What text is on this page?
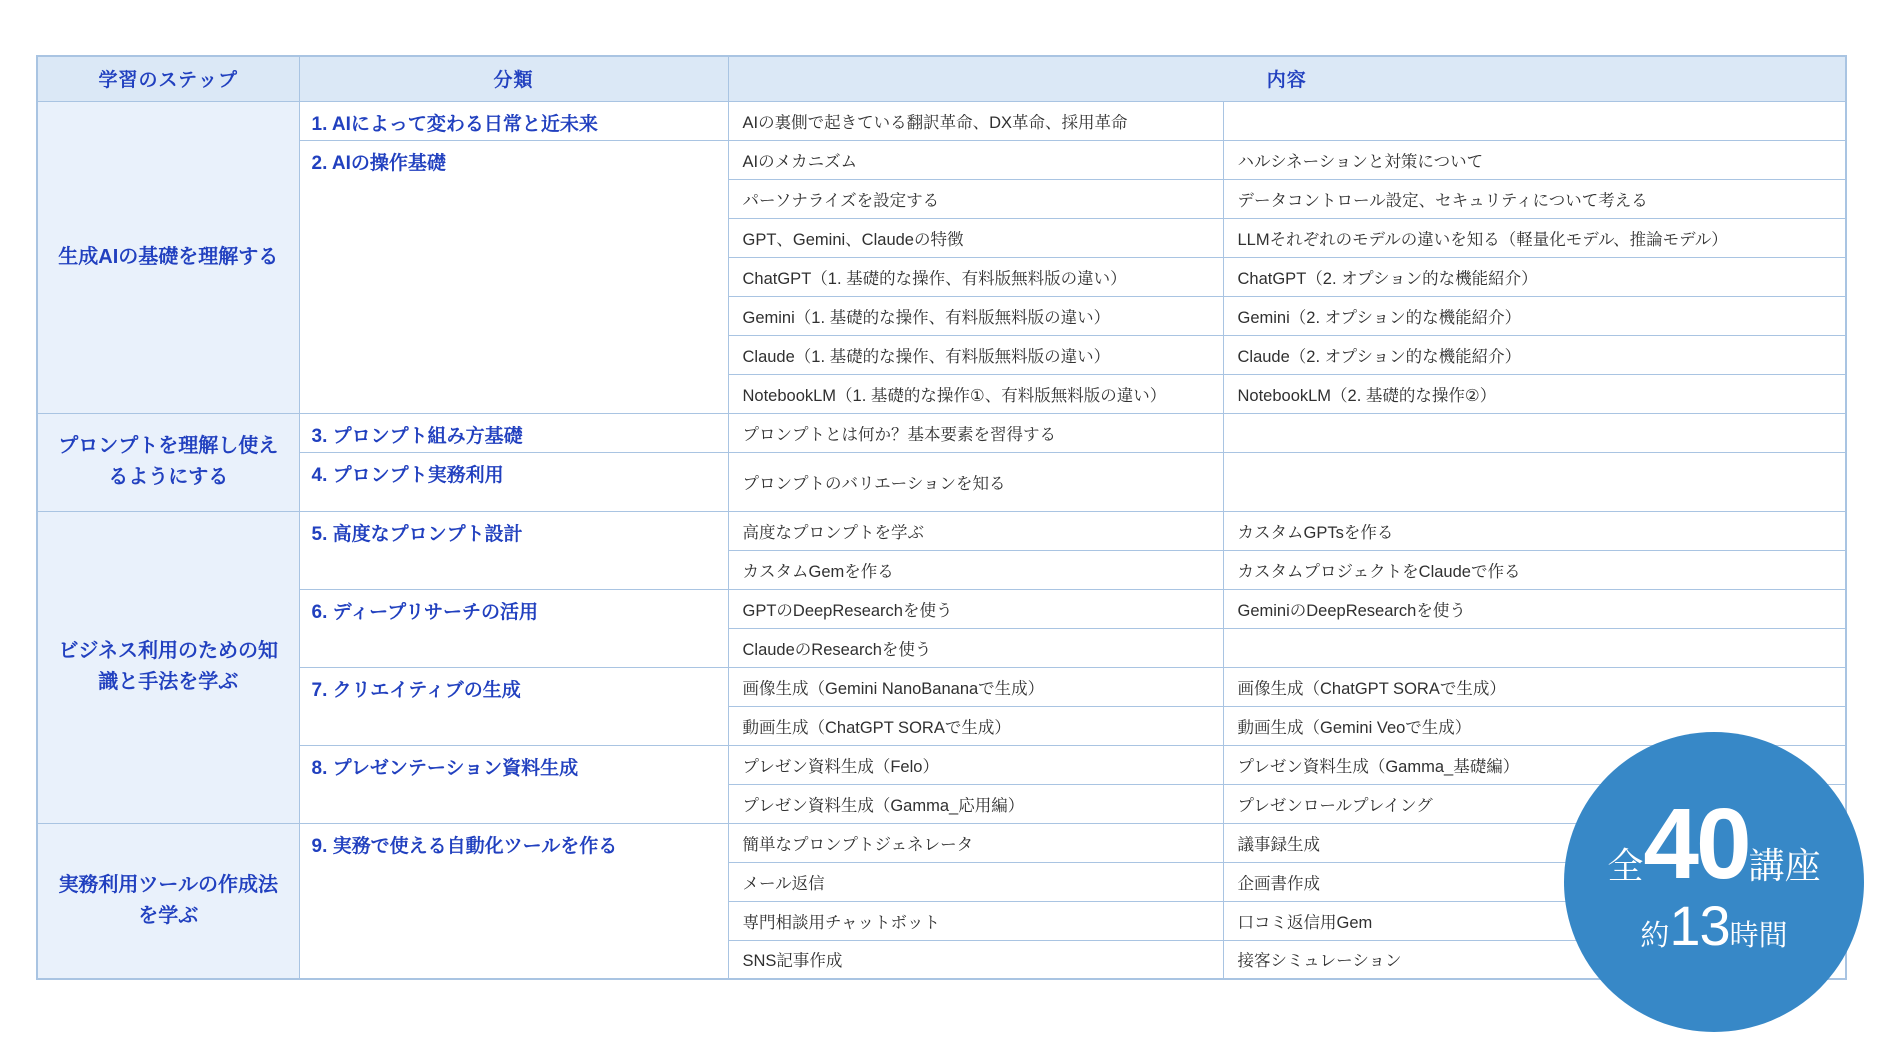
学習のステップ	分類	内容	
生成AIの基礎を理解する	1. AIによって変わる日常と近未来	AIの裏側で起きている翻訳革命、DX革命、採用革命	
	2. AIの操作基礎	AIのメカニズム	ハルシネーションと対策について
		パーソナライズを設定する	データコントロール設定、セキュリティについて考える
		GPT、Gemini、Claudeの特徴	LLMそれぞれのモデルの違いを知る（軽量化モデル、推論モデル）
		ChatGPT（1. 基礎的な操作、有料版無料版の違い）	ChatGPT（2. オプション的な機能紹介）
		Gemini（1. 基礎的な操作、有料版無料版の違い）	Gemini（2. オプション的な機能紹介）
		Claude（1. 基礎的な操作、有料版無料版の違い）	Claude（2. オプション的な機能紹介）
		NotebookLM（1. 基礎的な操作①、有料版無料版の違い）	NotebookLM（2. 基礎的な操作②）
プロンプトを理解し使えるようにする	3. プロンプト組み方基礎	プロンプトとは何か？基本要素を習得する	
	4. プロンプト実務利用	プロンプトのバリエーションを知る	
ビジネス利用のための知識と手法を学ぶ	5. 高度なプロンプト設計	高度なプロンプトを学ぶ	カスタムGPTsを作る
		カスタムGemを作る	カスタムプロジェクトをClaudeで作る
	6. ディープリサーチの活用	GPTのDeepResearchを使う	GeminiのDeepResearchを使う
		ClaudeのResearchを使う	
	7. クリエイティブの生成	画像生成（Gemini NanoBananaで生成）	画像生成（ChatGPT SORAで生成）
		動画生成（ChatGPT SORAで生成）	動画生成（Gemini Veoで生成）
	8. プレゼンテーション資料生成	プレゼン資料生成（Felo）	プレゼン資料生成（Gamma_基礎編）
		プレゼン資料生成（Gamma_応用編）	プレゼンロールプレイング
実務利用ツールの作成法を学ぶ	9. 実務で使える自動化ツールを作る	簡単なプロンプトジェネレータ	議事録生成
		メール返信	企画書作成
		専門相談用チャットボット	口コミ返信用Gem
		SNS記事作成	接客シミュレーション
全 40 講座
約 13 時間
